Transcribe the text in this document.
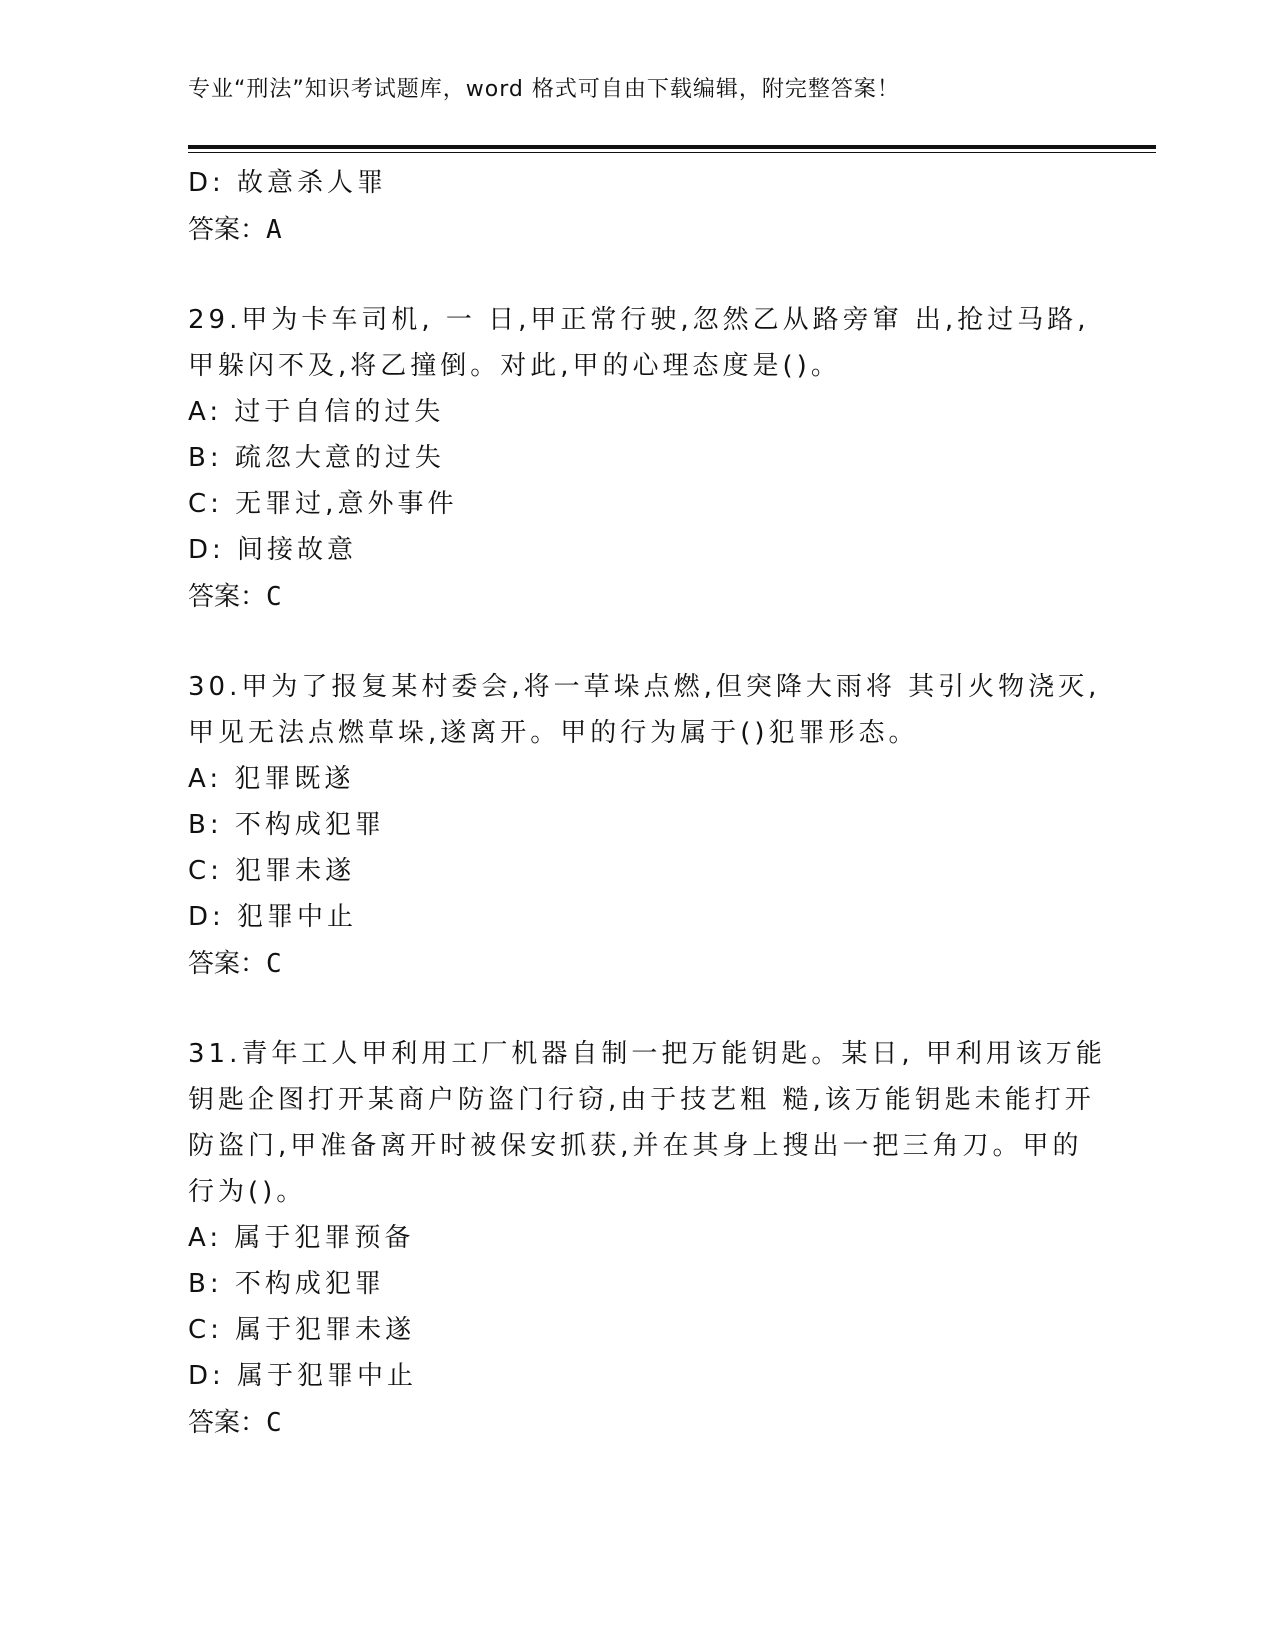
专业“刑法”知识考试题库，word 格式可自由下载编辑，附完整答案！
D: 故意杀人罪
答案：A
29.甲为卡车司机, 一 日,甲正常行驶,忽然乙从路旁窜 出,抢过马路,
甲躲闪不及,将乙撞倒。对此,甲的心理态度是()。
A: 过于自信的过失
B: 疏忽大意的过失
C: 无罪过,意外事件
D: 间接故意
答案：C
30.甲为了报复某村委会,将一草垛点燃,但突降大雨将 其引火物浇灭,
甲见无法点燃草垛,遂离开。甲的行为属于()犯罪形态。
A: 犯罪既遂
B: 不构成犯罪
C: 犯罪未遂
D: 犯罪中止
答案：C
31.青年工人甲利用工厂机器自制一把万能钥匙。某日, 甲利用该万能
钥匙企图打开某商户防盗门行窃,由于技艺粗 糙,该万能钥匙未能打开
防盗门,甲准备离开时被保安抓获,并在其身上搜出一把三角刀。甲的
行为()。
A: 属于犯罪预备
B: 不构成犯罪
C: 属于犯罪未遂
D: 属于犯罪中止
答案：C
